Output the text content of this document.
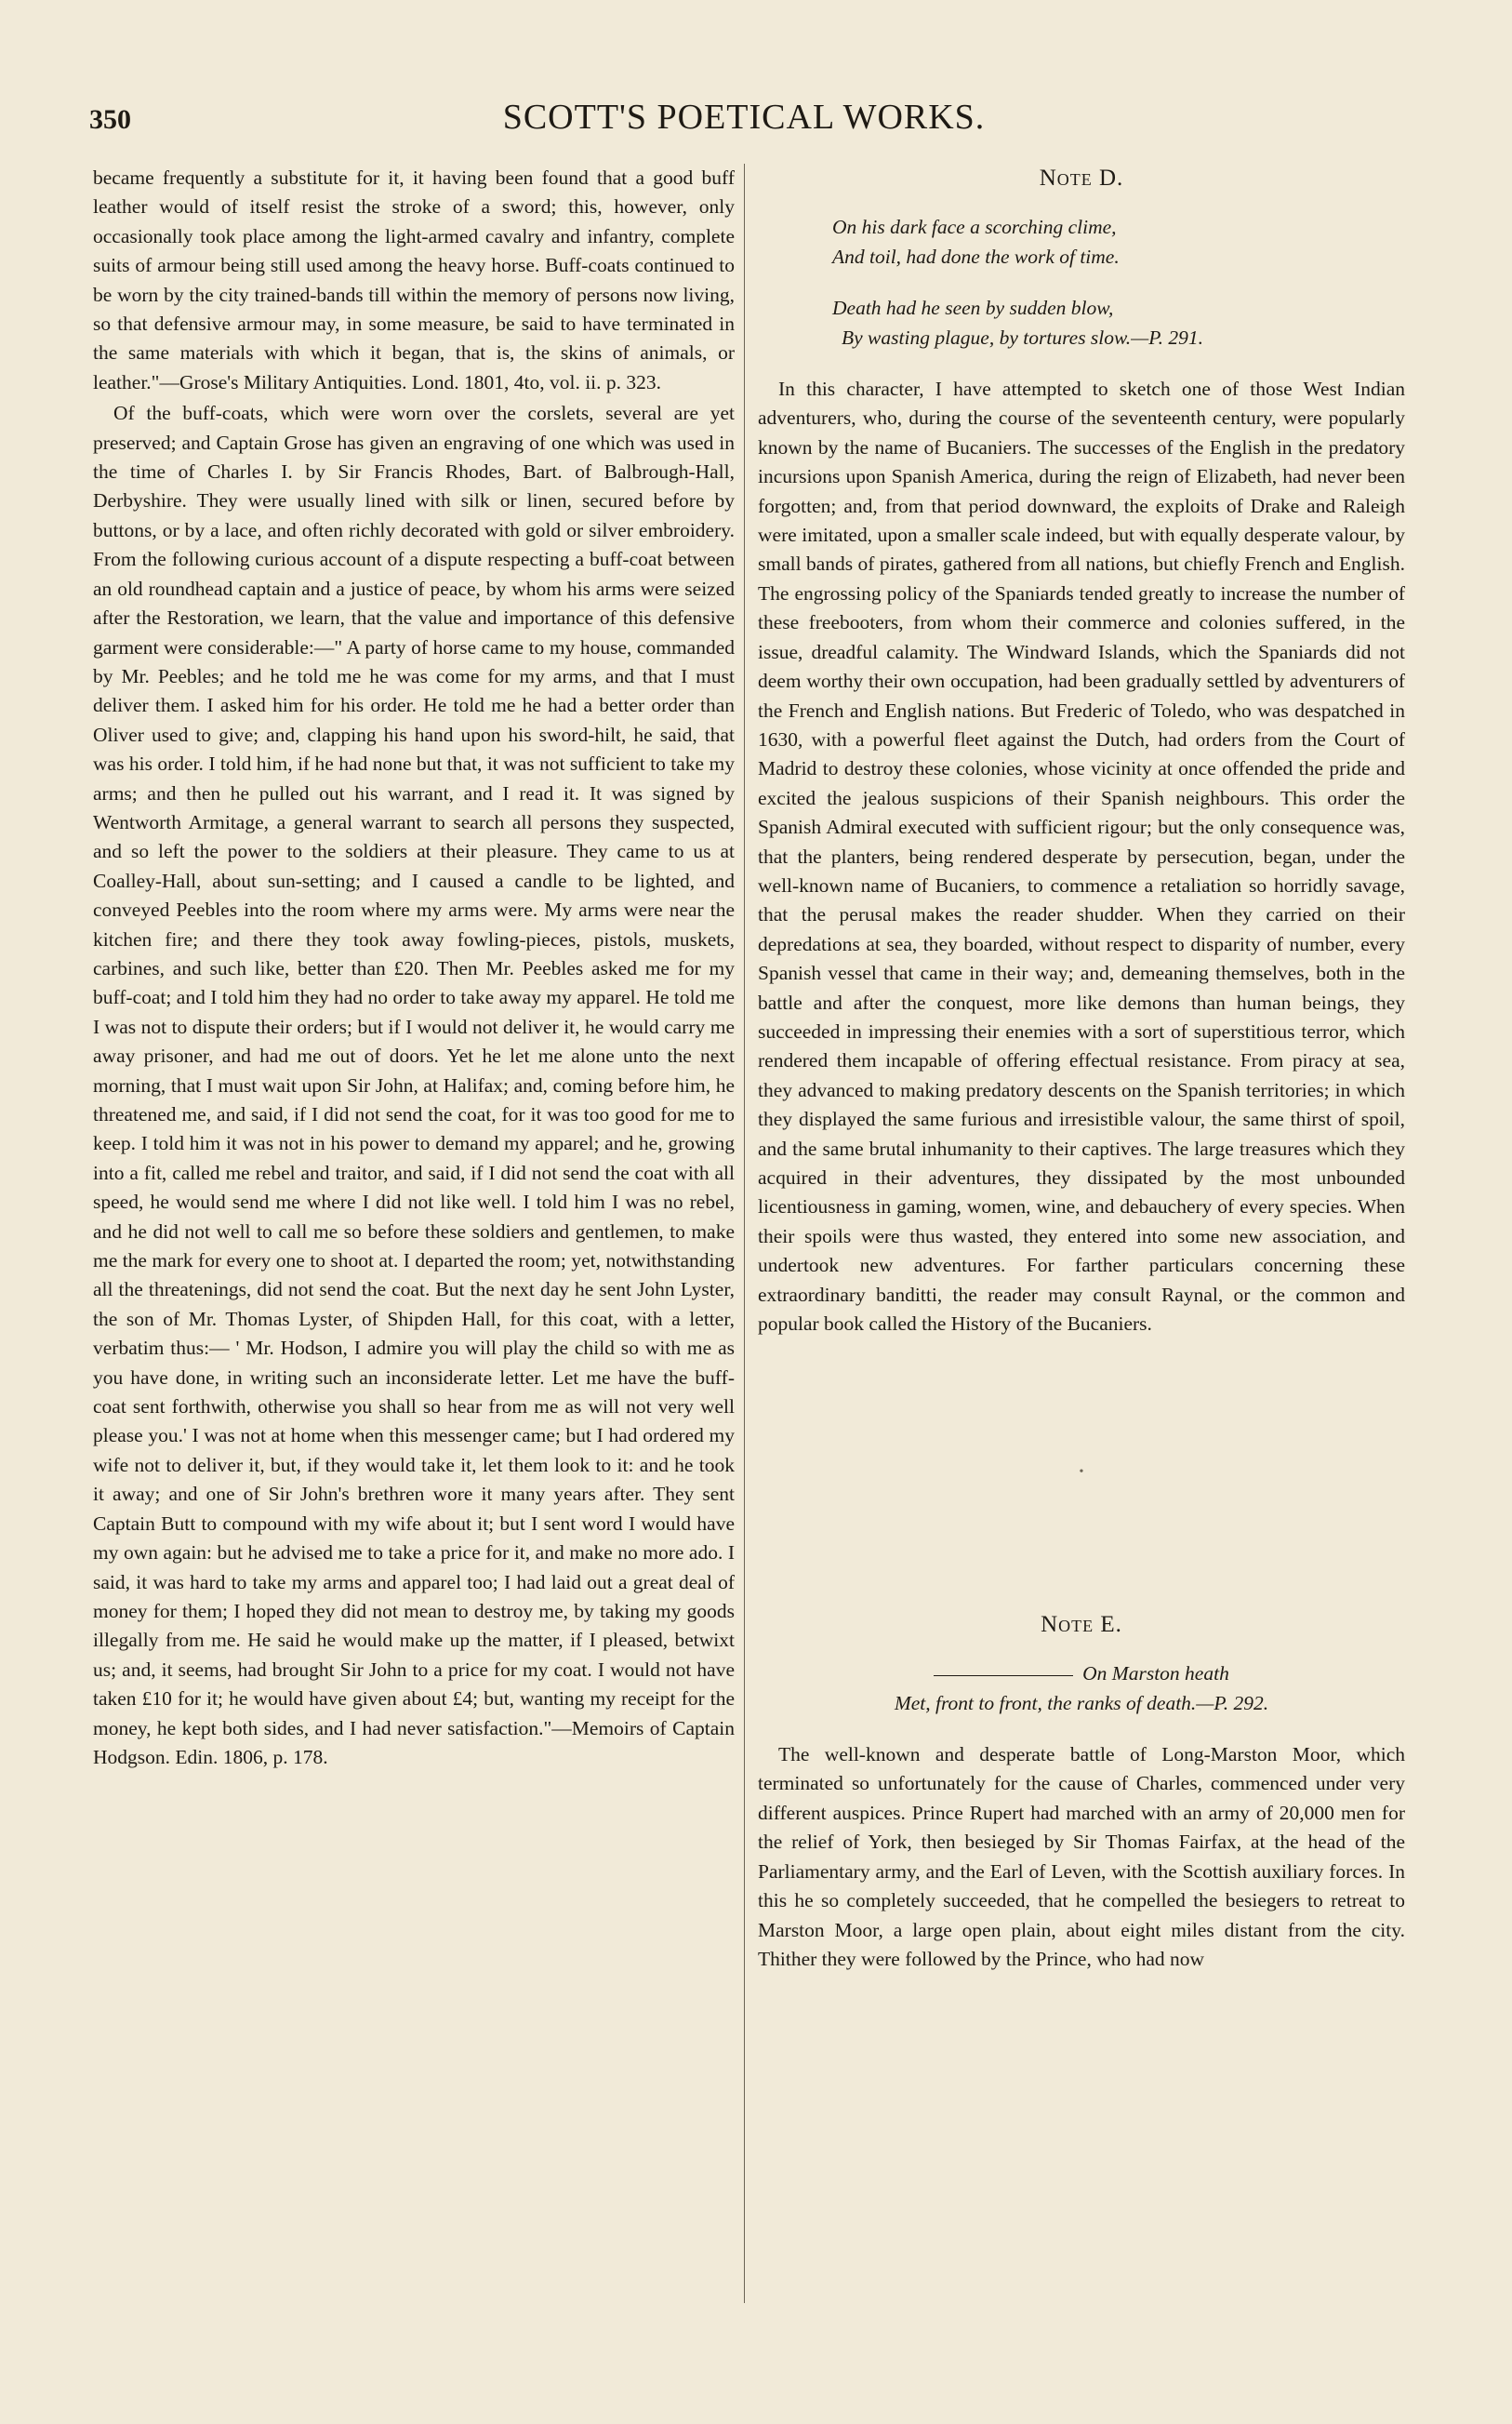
350	SCOTT'S POETICAL WORKS.

became frequently a substitute for it, it having been found that a good buff leather would of itself resist the stroke of a sword; this, however, only occasionally took place among the light-armed cavalry and infantry, complete suits of armour being still used among the heavy horse. Buff-coats continued to be worn by the city trained-bands till within the memory of persons now living, so that defensive armour may, in some measure, be said to have terminated in the same materials with which it began, that is, the skins of animals, or leather."—Grose's Military Antiquities. Lond. 1801, 4to, vol. ii. p. 323.

Of the buff-coats, which were worn over the corslets, several are yet preserved; and Captain Grose has given an engraving of one which was used in the time of Charles I. by Sir Francis Rhodes, Bart. of Balbrough-Hall, Derbyshire. They were usually lined with silk or linen, secured before by buttons, or by a lace, and often richly decorated with gold or silver embroidery. From the following curious account of a dispute respecting a buff-coat between an old roundhead captain and a justice of peace, by whom his arms were seized after the Restoration, we learn, that the value and importance of this defensive garment were considerable:—" A party of horse came to my house, commanded by Mr. Peebles; and he told me he was come for my arms, and that I must deliver them. I asked him for his order. He told me he had a better order than Oliver used to give; and, clapping his hand upon his sword-hilt, he said, that was his order. I told him, if he had none but that, it was not sufficient to take my arms; and then he pulled out his warrant, and I read it. It was signed by Wentworth Armitage, a general warrant to search all persons they suspected, and so left the power to the soldiers at their pleasure. They came to us at Coalley-Hall, about sun-setting; and I caused a candle to be lighted, and conveyed Peebles into the room where my arms were. My arms were near the kitchen fire; and there they took away fowling-pieces, pistols, muskets, carbines, and such like, better than £20. Then Mr. Peebles asked me for my buff-coat; and I told him they had no order to take away my apparel. He told me I was not to dispute their orders; but if I would not deliver it, he would carry me away prisoner, and had me out of doors. Yet he let me alone unto the next morning, that I must wait upon Sir John, at Halifax; and, coming before him, he threatened me, and said, if I did not send the coat, for it was too good for me to keep. I told him it was not in his power to demand my apparel; and he, growing into a fit, called me rebel and traitor, and said, if I did not send the coat with all speed, he would send me where I did not like well. I told him I was no rebel, and he did not well to call me so before these soldiers and gentlemen, to make me the mark for every one to shoot at. I departed the room; yet, notwithstanding all the threatenings, did not send the coat. But the next day he sent John Lyster, the son of Mr. Thomas Lyster, of Shipden Hall, for this coat, with a letter, verbatim thus:— ' Mr. Hodson, I admire you will play the child so with me as you have done, in writing such an inconsiderate letter. Let me have the buff-coat sent forthwith, otherwise you shall so hear from me as will not very well please you.' I was not at home when this messenger came; but I had ordered my wife not to deliver it, but, if they would take it, let them look to it: and he took it away; and one of Sir John's brethren wore it many years after. They sent Captain Butt to compound with my wife about it; but I sent word I would have my own again: but he advised me to take a price for it, and make no more ado. I said, it was hard to take my arms and apparel too; I had laid out a great deal of money for them; I hoped they did not mean to destroy me, by taking my goods illegally from me. He said he would make up the matter, if I pleased, betwixt us; and, it seems, had brought Sir John to a price for my coat. I would not have taken £10 for it; he would have given about £4; but, wanting my receipt for the money, he kept both sides, and I had never satisfaction."—Memoirs of Captain Hodgson. Edin. 1806, p. 178.

Note D.
On his dark face a scorching clime,
And toil, had done the work of time.
Death had he seen by sudden blow,
By wasting plague, by tortures slow.—P. 291.

In this character, I have attempted to sketch one of those West Indian adventurers, who, during the course of the seventeenth century, were popularly known by the name of Bucaniers. The successes of the English in the predatory incursions upon Spanish America, during the reign of Elizabeth, had never been forgotten; and, from that period downward, the exploits of Drake and Raleigh were imitated, upon a smaller scale indeed, but with equally desperate valour, by small bands of pirates, gathered from all nations, but chiefly French and English. The engrossing policy of the Spaniards tended greatly to increase the number of these freebooters, from whom their commerce and colonies suffered, in the issue, dreadful calamity. The Windward Islands, which the Spaniards did not deem worthy their own occupation, had been gradually settled by adventurers of the French and English nations. But Frederic of Toledo, who was despatched in 1630, with a powerful fleet against the Dutch, had orders from the Court of Madrid to destroy these colonies, whose vicinity at once offended the pride and excited the jealous suspicions of their Spanish neighbours. This order the Spanish Admiral executed with sufficient rigour; but the only consequence was, that the planters, being rendered desperate by persecution, began, under the well-known name of Bucaniers, to commence a retaliation so horridly savage, that the perusal makes the reader shudder. When they carried on their depredations at sea, they boarded, without respect to disparity of number, every Spanish vessel that came in their way; and, demeaning themselves, both in the battle and after the conquest, more like demons than human beings, they succeeded in impressing their enemies with a sort of superstitious terror, which rendered them incapable of offering effectual resistance. From piracy at sea, they advanced to making predatory descents on the Spanish territories; in which they displayed the same furious and irresistible valour, the same thirst of spoil, and the same brutal inhumanity to their captives. The large treasures which they acquired in their adventures, they dissipated by the most unbounded licentiousness in gaming, women, wine, and debauchery of every species. When their spoils were thus wasted, they entered into some new association, and undertook new adventures. For farther particulars concerning these extraordinary banditti, the reader may consult Raynal, or the common and popular book called the History of the Bucaniers.

•
Note E.
On Marston heath
Met, front to front, the ranks of death.—P. 292.

The well-known and desperate battle of Long-Marston Moor, which terminated so unfortunately for the cause of Charles, commenced under very different auspices. Prince Rupert had marched with an army of 20,000 men for the relief of York, then besieged by Sir Thomas Fairfax, at the head of the Parliamentary army, and the Earl of Leven, with the Scottish auxiliary forces. In this he so completely succeeded, that he compelled the besiegers to retreat to Marston Moor, a large open plain, about eight miles distant from the city. Thither they were followed by the Prince, who had now
